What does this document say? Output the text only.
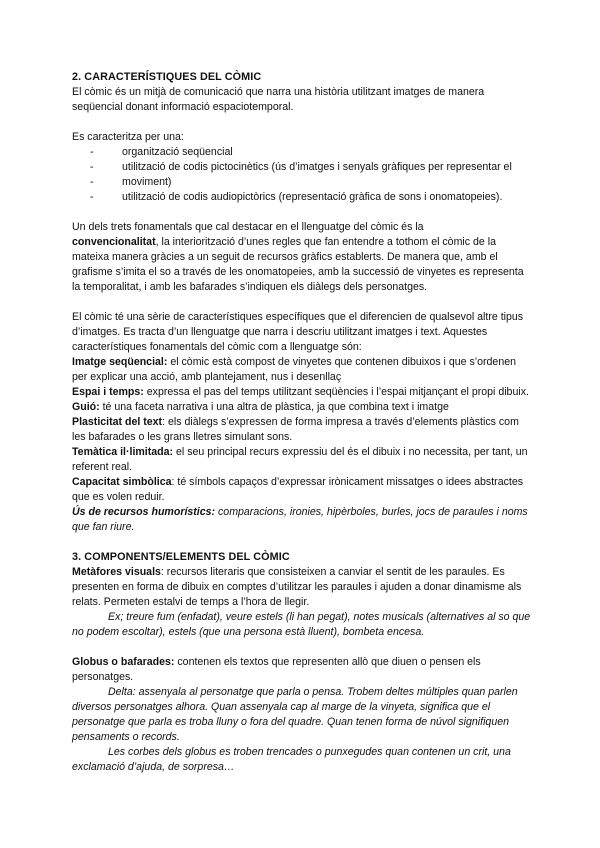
2. CARACTERÍSTIQUES DEL CÒMIC

El còmic és un mitjà de comunicació que narra una història utilitzant imatges de manera seqüencial donant informació espaciotemporal.

Es caracteritza per una:

- organització seqüencial
- utilització de codis pictocinètics (ús d’imatges i senyals gràfiques per representar el
- moviment)
- utilització de codis audiopictòrics (representació gràfica de sons i onomatopeies).

Un dels trets fonamentals que cal destacar en el llenguatge del còmic és la
convencionalitat, la interiorització d’unes regles que fan entendre a tothom el còmic de la mateixa manera gràcies a un seguit de recursos gràfics establerts. De manera que, amb el grafisme s’imita el so a través de les onomatopeies, amb la successió de vinyetes es representa la temporalitat, i amb les bafarades s’indiquen els diàlegs dels personatges.

El còmic té una sèrie de característiques específiques que el diferencien de qualsevol altre tipus d’imatges. Es tracta d’un llenguatge que narra i descriu utilitzant imatges i text. Aquestes característiques fonamentals del còmic com a llenguatge són:

Imatge seqüencial: el còmic està compost de vinyetes que contenen dibuixos i que s’ordenen per explicar una acció, amb plantejament, nus i desenllaç

Espai i temps: expressa el pas del temps utilitzant seqüències i l’espai mitjançant el propi dibuix.

Guió: té una faceta narrativa i una altra de plàstica, ja que combina text i imatge

Plasticitat del text: els diàlegs s’expressen de forma impresa a través d’elements plàstics com les bafarades o les grans lletres simulant sons.

Temàtica il·limitada: el seu principal recurs expressiu del és el dibuix i no necessita, per tant, un referent real.

Capacitat simbòlica: té símbols capaços d’expressar irònicament missatges o idees abstractes que es volen reduir.

Ús de recursos humorístics: comparacions, ironies, hipèrboles, burles, jocs de paraules i noms que fan riure.

3. COMPONENTS/ELEMENTS DEL CÒMIC

Metàfores visuals: recursos literaris que consisteixen a canviar el sentit de les paraules. Es presenten en forma de dibuix en comptes d’utilitzar les paraules i ajuden a donar dinamisme als relats. Permeten estalvi de temps a l’hora de llegir.

Ex; treure fum (enfadat), veure estels (li han pegat), notes musicals (alternatives al so que no podem escoltar), estels (que una persona està lluent), bombeta encesa.

Globus o bafarades: contenen els textos que representen allò que diuen o pensen els personatges.

Delta: assenyala al personatge que parla o pensa. Trobem deltes múltiples quan parlen diversos personatges alhora. Quan assenyala cap al marge de la vinyeta, significa que el personatge que parla es troba lluny o fora del quadre. Quan tenen forma de núvol signifiquen pensaments o records.

Les corbes dels globus es troben trencades o punxegudes quan contenen un crit, una exclamació d’ajuda, de sorpresa…
